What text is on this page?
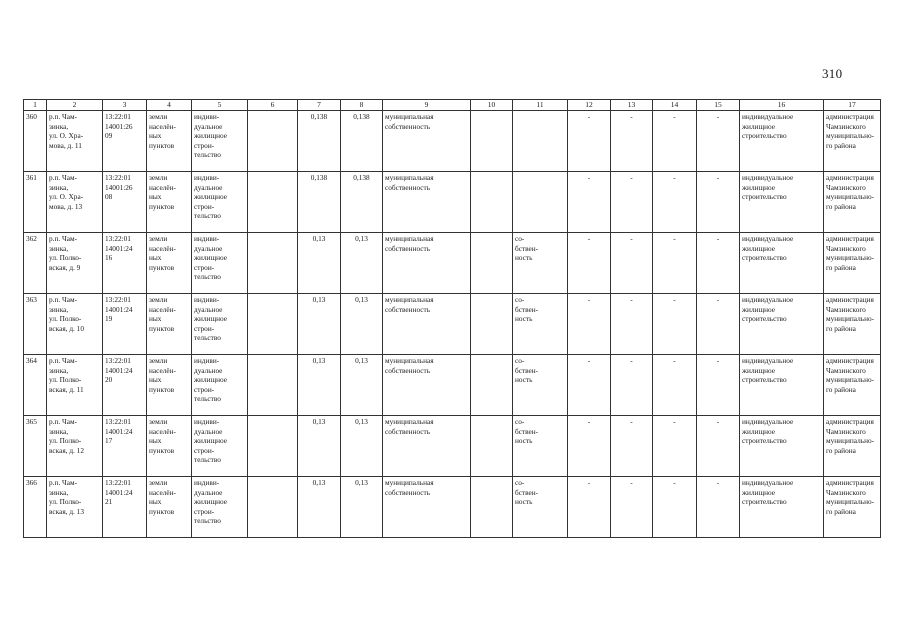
310
1	2	3	4	5	6	7	8	9	10	11	12	13	14	15	16	17
360	р.п. Чам-
зинка,
ул. О. Хра-
мова, д. 11	13:22:01
14001:26
09	земли
населён-
ных
пунктов	индиви-
дуальное
жилищное
строи-
тельство		0,138	0,138	муниципальная
собственность			-	-	-	-	индивидуальное
жилищное
строительство	администрация
Чамзинского
муниципально-
го района

361	р.п. Чам-
зинка,
ул. О. Хра-
мова, д. 13	13:22:01
14001:26
08	земли
населён-
ных
пунктов	индиви-
дуальное
жилищное
строи-
тельство		0,138	0,138	муниципальная
собственность			-	-	-	-	индивидуальное
жилищное
строительство	администрация
Чамзинского
муниципально-
го района

362	р.п. Чам-
зинка,
ул. Полко-
вская, д. 9	13:22:01
14001:24
16	земли
населён-
ных
пунктов	индиви-
дуальное
жилищное
строи-
тельство		0,13	0,13	муниципальная
собственность		со-
бствен-
ность	-	-	-	-	индивидуальное
жилищное
строительство	администрация
Чамзинского
муниципально-
го района

363	р.п. Чам-
зинка,
ул. Полко-
вская, д. 10	13:22:01
14001:24
19	земли
населён-
ных
пунктов	индиви-
дуальное
жилищное
строи-
тельство		0,13	0,13	муниципальная
собственность		со-
бствен-
ность	-	-	-	-	индивидуальное
жилищное
строительство	администрация
Чамзинского
муниципально-
го района

364	р.п. Чам-
зинка,
ул. Полко-
вская, д. 11	13:22:01
14001:24
20	земли
населён-
ных
пунктов	индиви-
дуальное
жилищное
строи-
тельство		0,13	0,13	муниципальная
собственность		со-
бствен-
ность	-	-	-	-	индивидуальное
жилищное
строительство	администрация
Чамзинского
муниципально-
го района

365	р.п. Чам-
зинка,
ул. Полко-
вская, д. 12	13:22:01
14001:24
17	земли
населён-
ных
пунктов	индиви-
дуальное
жилищное
строи-
тельство		0,13	0,13	муниципальная
собственность		со-
бствен-
ность	-	-	-	-	индивидуальное
жилищное
строительство	администрация
Чамзинского
муниципально-
го района

366	р.п. Чам-
зинка,
ул. Полко-
вская, д. 13	13:22:01
14001:24
21	земли
населён-
ных
пунктов	индиви-
дуальное
жилищное
строи-
тельство		0,13	0,13	муниципальная
собственность		со-
бствен-
ность	-	-	-	-	индивидуальное
жилищное
строительство	администрация
Чамзинского
муниципально-
го района
